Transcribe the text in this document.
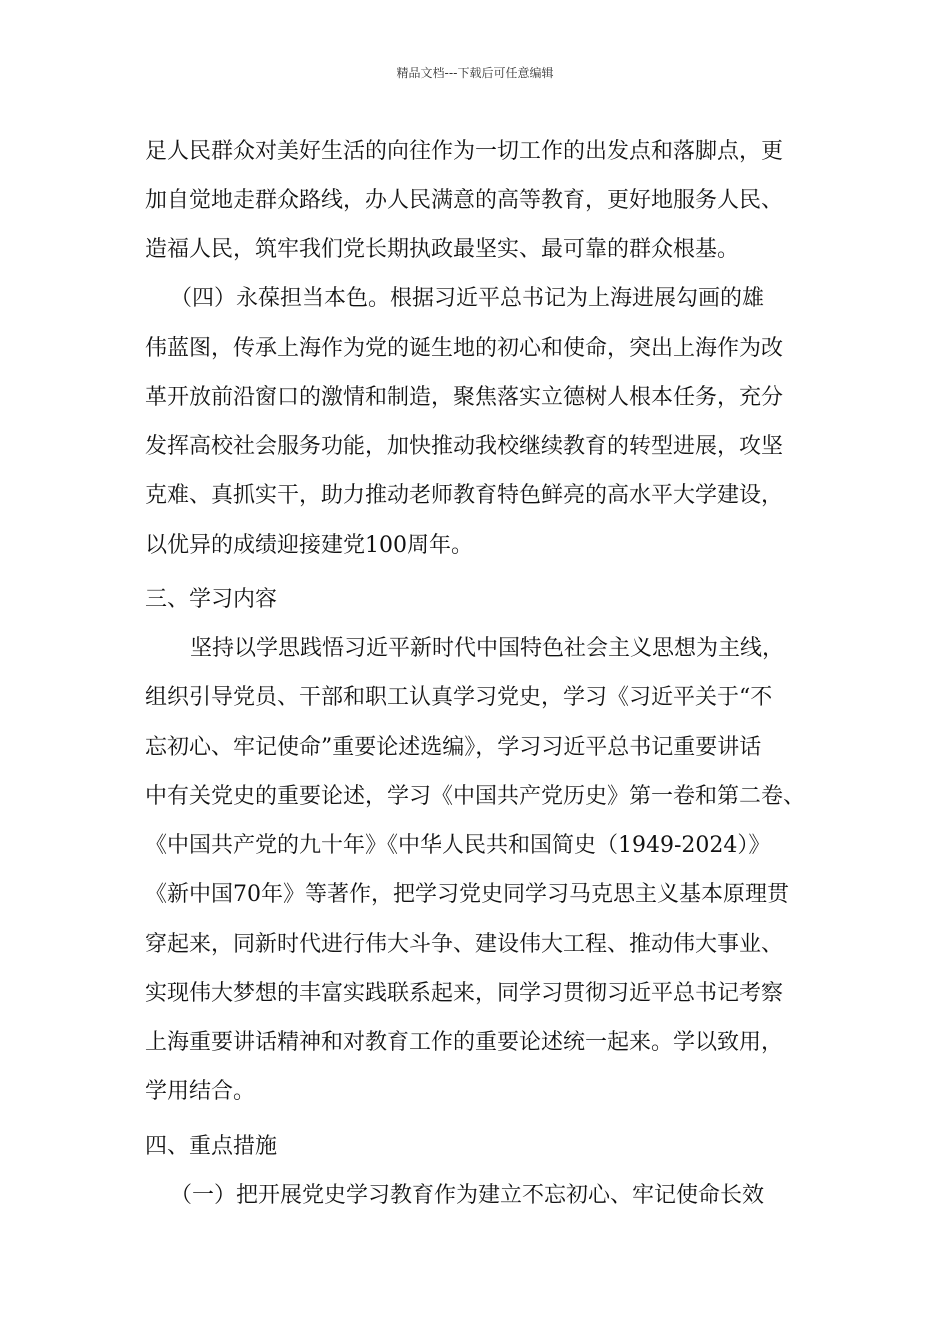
精品文档---下载后可任意编辑
足人民群众对美好生活的向往作为一切工作的出发点和落脚点，更
加自觉地走群众路线，办人民满意的高等教育，更好地服务人民、
造福人民，筑牢我们党长期执政最坚实、最可靠的群众根基。
（四）永葆担当本色。根据习近平总书记为上海进展勾画的雄
伟蓝图，传承上海作为党的诞生地的初心和使命，突出上海作为改
革开放前沿窗口的激情和制造，聚焦落实立德树人根本任务，充分
发挥高校社会服务功能，加快推动我校继续教育的转型进展，攻坚
克难、真抓实干，助力推动老师教育特色鲜亮的高水平大学建设，
以优异的成绩迎接建党100周年。
三、学习内容
坚持以学思践悟习近平新时代中国特色社会主义思想为主线，
组织引导党员、干部和职工认真学习党史，学习《习近平关于“不
忘初心、牢记使命”重要论述选编》，学习习近平总书记重要讲话
中有关党史的重要论述，学习《中国共产党历史》第一卷和第二卷、
《中国共产党的九十年》《中华人民共和国简史（1949-2024）》
《新中国70年》等著作，把学习党史同学习马克思主义基本原理贯
穿起来，同新时代进行伟大斗争、建设伟大工程、推动伟大事业、
实现伟大梦想的丰富实践联系起来，同学习贯彻习近平总书记考察
上海重要讲话精神和对教育工作的重要论述统一起来。学以致用，
学用结合。
四、重点措施
（一）把开展党史学习教育作为建立不忘初心、牢记使命长效
